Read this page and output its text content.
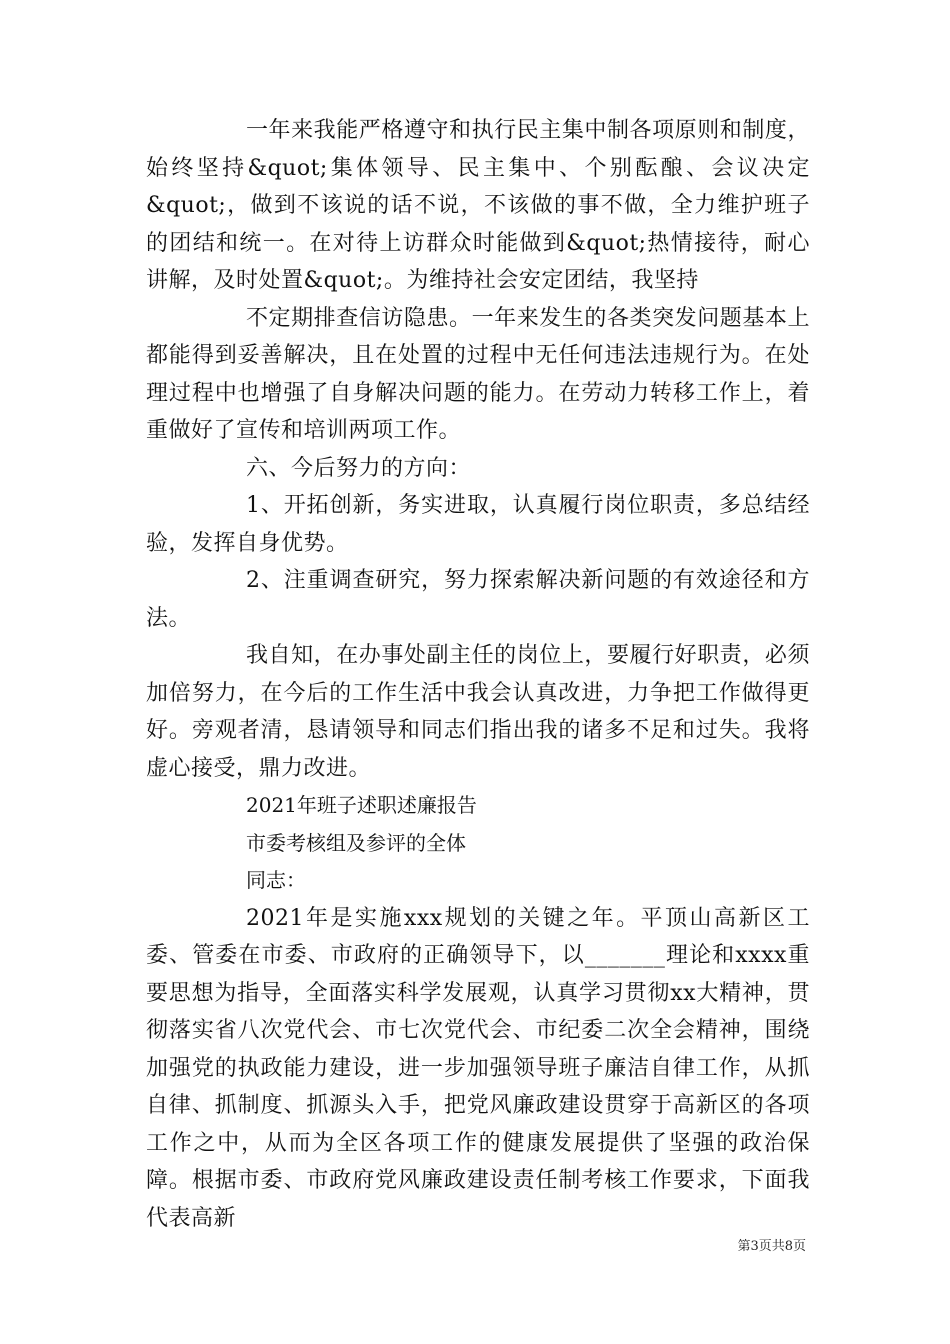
一年来我能严格遵守和执行民主集中制各项原则和制度，始终坚持&quot;集体领导、民主集中、个别酝酿、会议决定&quot;，做到不该说的话不说，不该做的事不做，全力维护班子的团结和统一。在对待上访群众时能做到&quot;热情接待，耐心讲解，及时处置&quot;。为维持社会安定团结，我坚持

不定期排查信访隐患。一年来发生的各类突发问题基本上都能得到妥善解决，且在处置的过程中无任何违法违规行为。在处理过程中也增强了自身解决问题的能力。在劳动力转移工作上，着重做好了宣传和培训两项工作。

六、今后努力的方向：

1、开拓创新，务实进取，认真履行岗位职责，多总结经验，发挥自身优势。

2、注重调查研究，努力探索解决新问题的有效途径和方法。

我自知，在办事处副主任的岗位上，要履行好职责，必须加倍努力，在今后的工作生活中我会认真改进，力争把工作做得更好。旁观者清，恳请领导和同志们指出我的诸多不足和过失。我将虚心接受，鼎力改进。

2021年班子述职述廉报告

市委考核组及参评的全体

同志：

2021年是实施xxx规划的关键之年。平顶山高新区工委、管委在市委、市政府的正确领导下，以_______理论和xxxx重要思想为指导，全面落实科学发展观，认真学习贯彻xx大精神，贯彻落实省八次党代会、市七次党代会、市纪委二次全会精神，围绕加强党的执政能力建设，进一步加强领导班子廉洁自律工作，从抓自律、抓制度、抓源头入手，把党风廉政建设贯穿于高新区的各项工作之中，从而为全区各项工作的健康发展提供了坚强的政治保障。根据市委、市政府党风廉政建设责任制考核工作要求，下面我代表高新

第3页共8页
